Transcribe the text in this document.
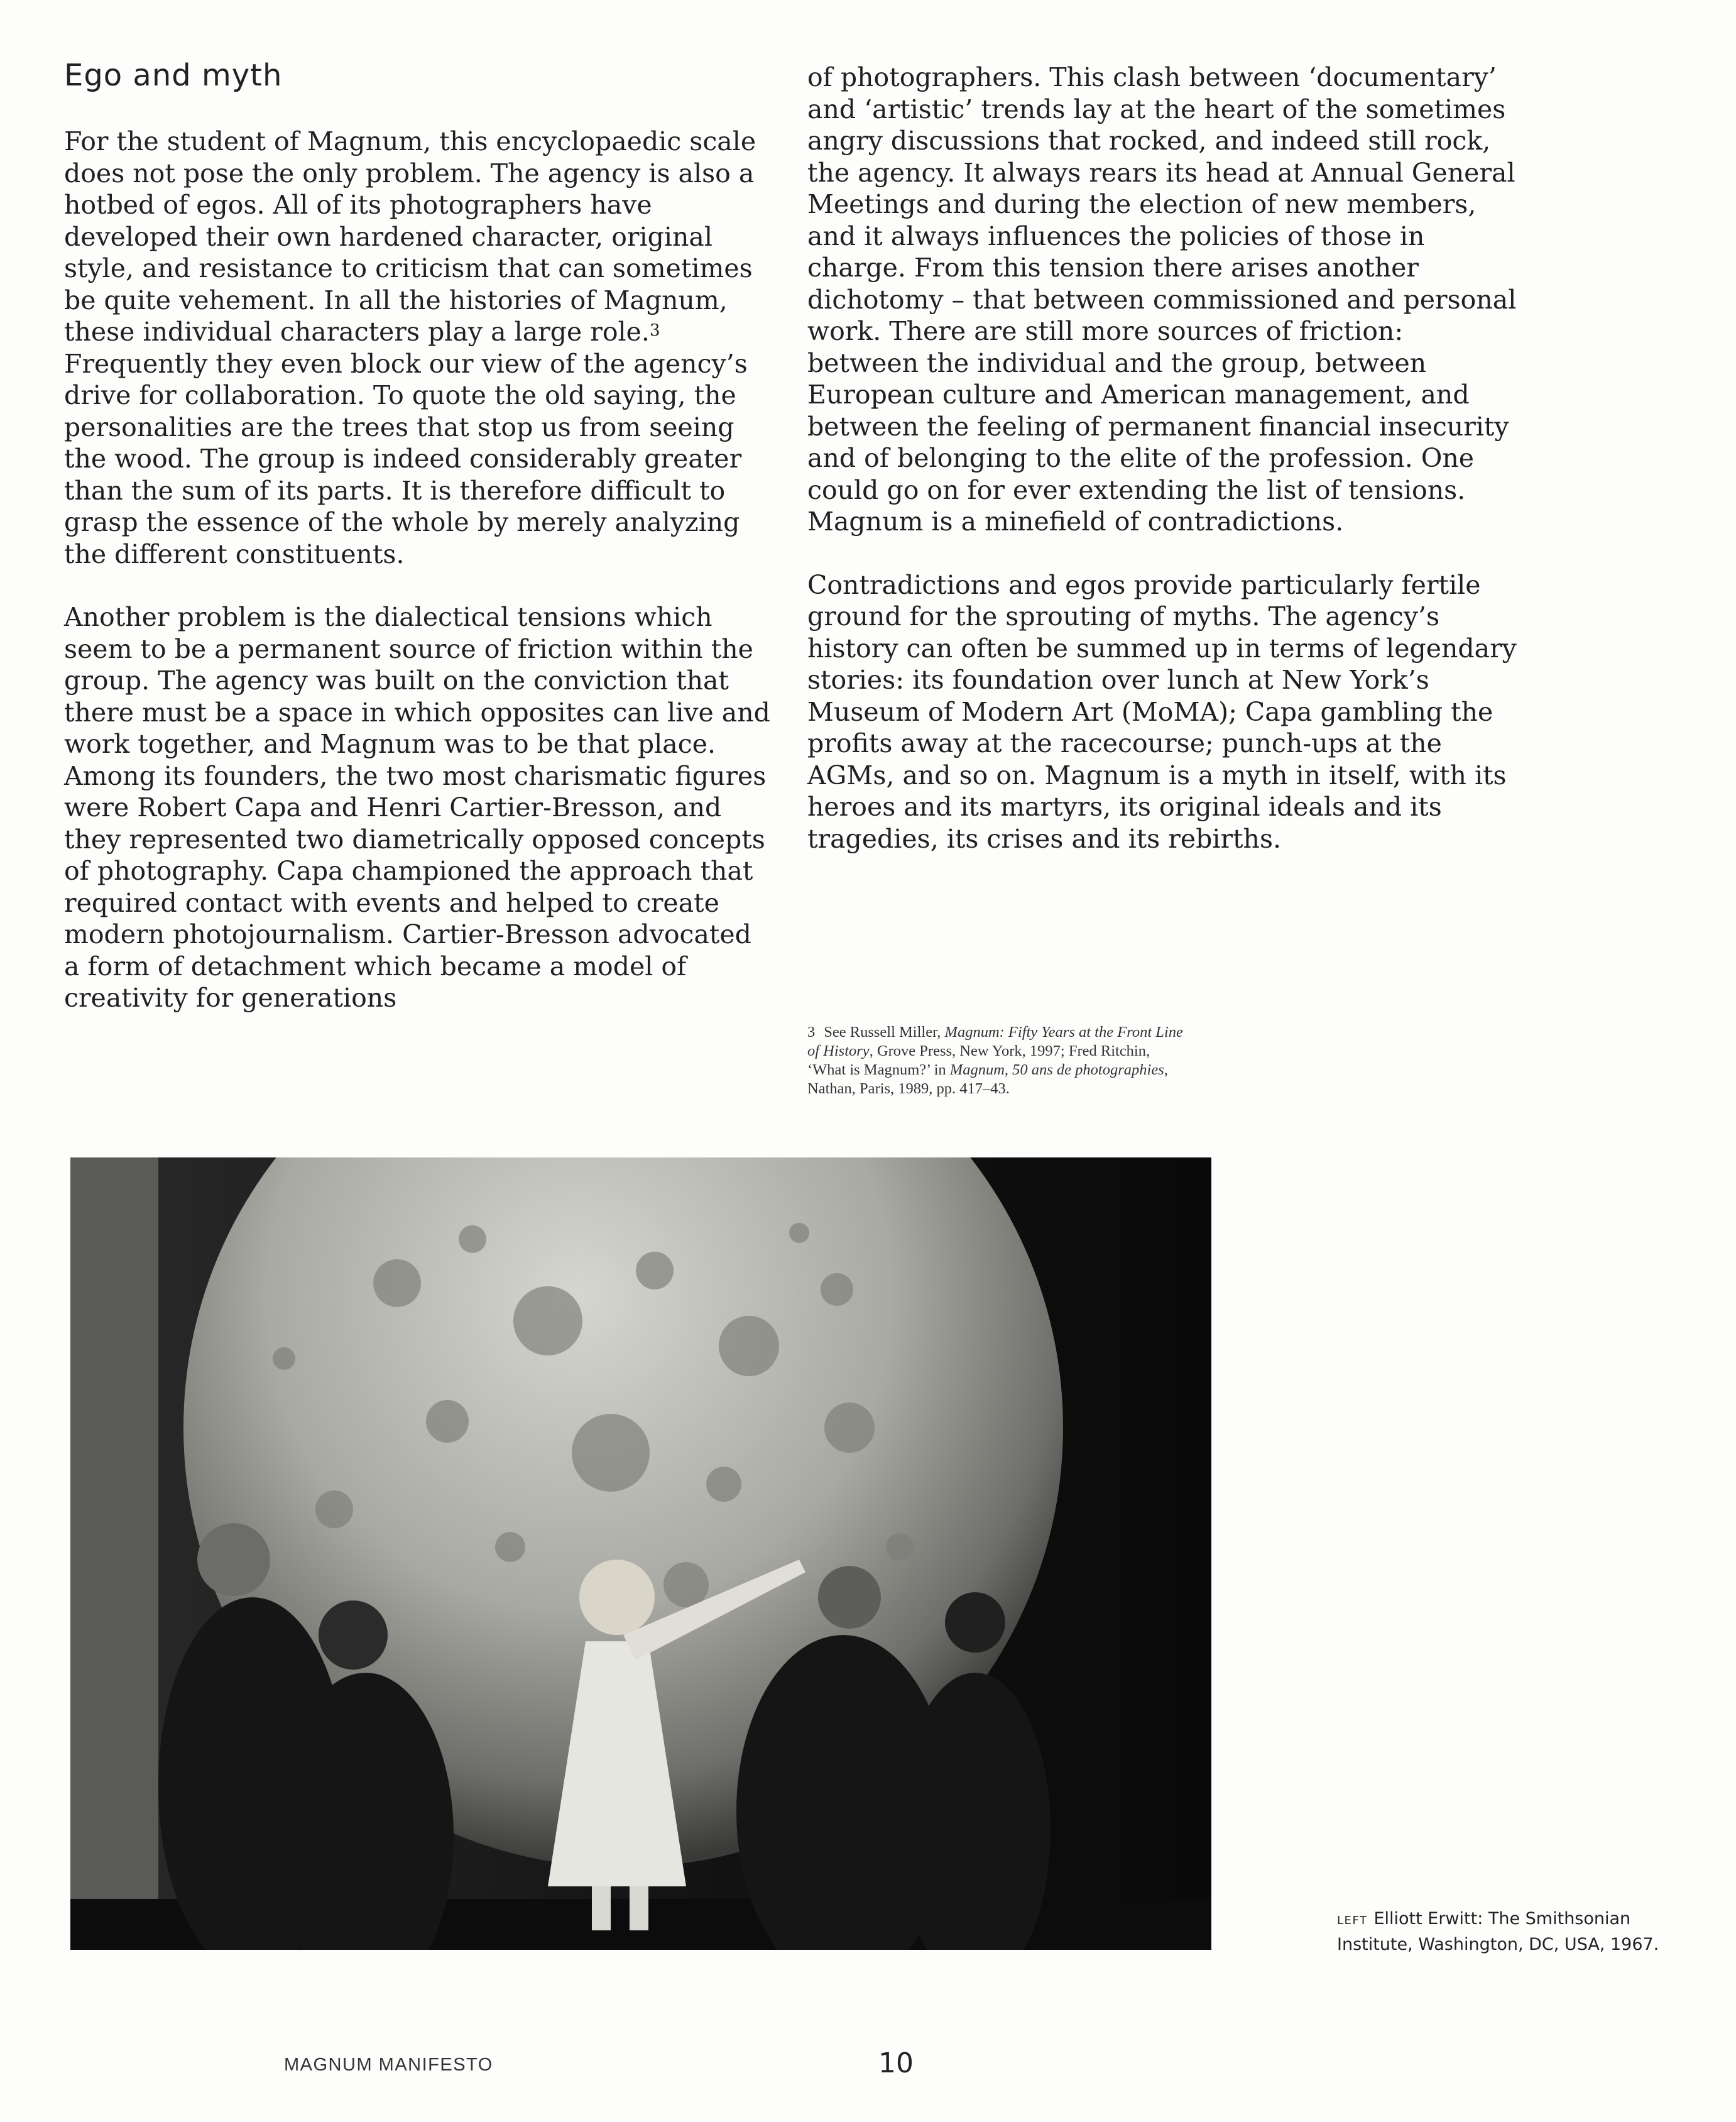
Ego and myth

For the student of Magnum, this encyclopaedic scale does not pose the only problem. The agency is also a hotbed of egos. All of its photographers have developed their own hardened character, original style, and resistance to criticism that can sometimes be quite vehement. In all the histories of Magnum, these individual characters play a large role.$^3$ Frequently they even block our view of the agency’s drive for collaboration. To quote the old saying, the personalities are the trees that stop us from seeing the wood. The group is indeed considerably greater than the sum of its parts. It is therefore difficult to grasp the essence of the whole by merely analyzing the different constituents.

Another problem is the dialectical tensions which seem to be a permanent source of friction within the group. The agency was built on the conviction that there must be a space in which opposites can live and work together, and Magnum was to be that place. Among its founders, the two most charismatic figures were Robert Capa and Henri Cartier-Bresson, and they represented two diametrically opposed concepts of photography. Capa championed the approach that required contact with events and helped to create modern photojournalism. Cartier-Bresson advocated a form of detachment which became a model of creativity for generations

of photographers. This clash between ‘documentary’ and ‘artistic’ trends lay at the heart of the sometimes angry discussions that rocked, and indeed still rock, the agency. It always rears its head at Annual General Meetings and during the election of new members, and it always influences the policies of those in charge. From this tension there arises another dichotomy – that between commissioned and personal work. There are still more sources of friction: between the individual and the group, between European culture and American management, and between the feeling of permanent financial insecurity and of belonging to the elite of the profession. One could go on for ever extending the list of tensions. Magnum is a minefield of contradictions.

Contradictions and egos provide particularly fertile ground for the sprouting of myths. The agency’s history can often be summed up in terms of legendary stories: its foundation over lunch at New York’s Museum of Modern Art (MoMA); Capa gambling the profits away at the racecourse; punch-ups at the AGMs, and so on. Magnum is a myth in itself, with its heroes and its martyrs, its original ideals and its tragedies, its crises and its rebirths.

3 See Russell Miller, Magnum: Fifty Years at the Front Line of History, Grove Press, New York, 1997; Fred Ritchin, ‘What is Magnum?’ in Magnum, 50 ans de photographies, Nathan, Paris, 1989, pp. 417–43.
LEFT Elliott Erwitt: The Smithsonian Institute, Washington, DC, USA, 1967.
MAGNUM MANIFESTO	10
